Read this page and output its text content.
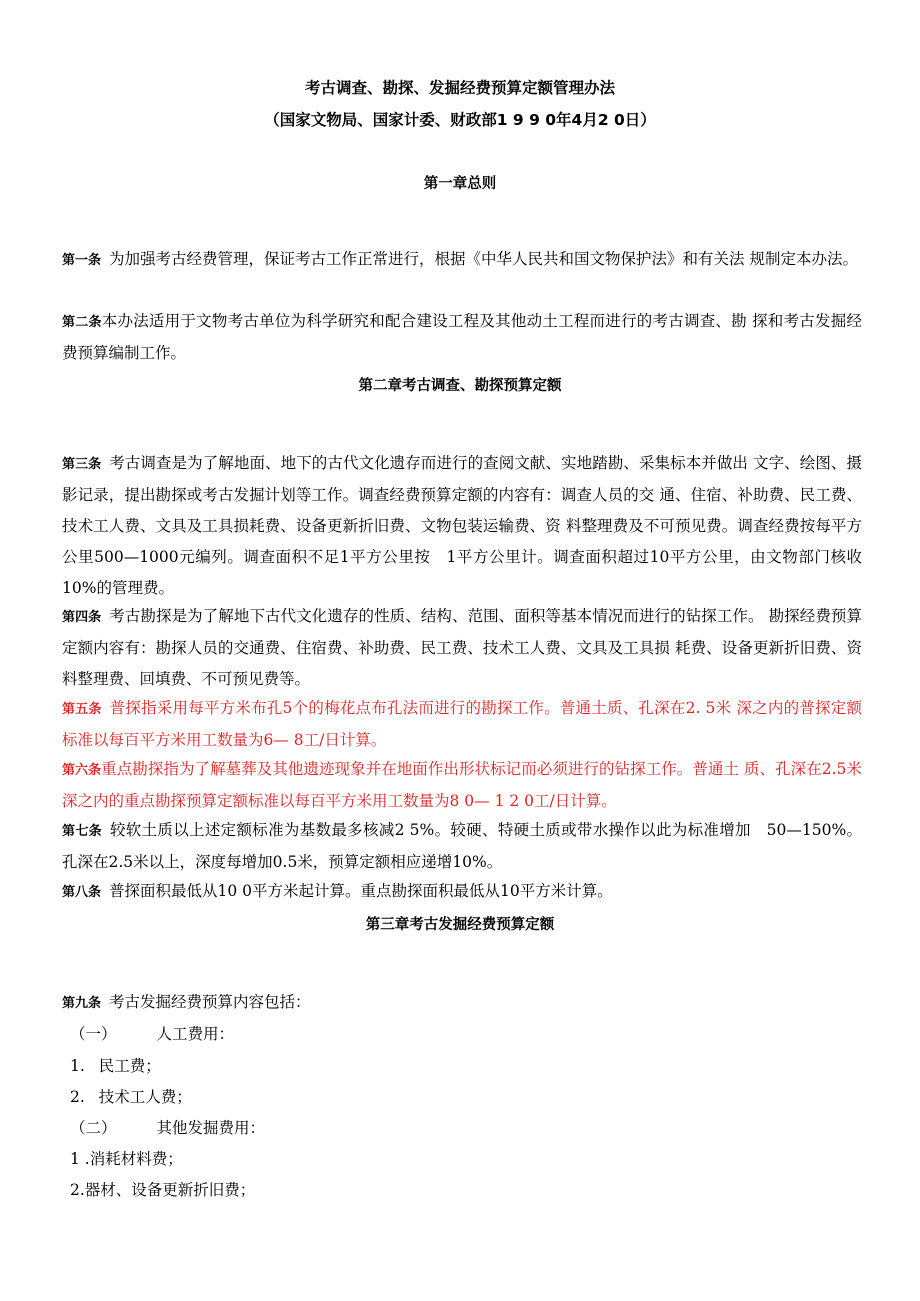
考古调查、勘探、发掘经费预算定额管理办法
（国家文物局、国家计委、财政部1 9 9 0年4月2 0日）
第一章总则
第一条 为加强考古经费管理，保证考古工作正常进行，根据《中华人民共和国文物保护法》和有关法 规制定本办法。
第二条本办法适用于文物考古单位为科学研究和配合建设工程及其他动土工程而进行的考古调查、勘 探和考古发掘经费预算编制工作。
第二章考古调查、勘探预算定额
第三条 考古调查是为了解地面、地下的古代文化遗存而进行的查阅文献、实地踏勘、采集标本并做出 文字、绘图、摄影记录，提出勘探或考古发掘计划等工作。调查经费预算定额的内容有：调查人员的交 通、住宿、补助费、民工费、技术工人费、文具及工具损耗费、设备更新折旧费、文物包装运输费、资 料整理费及不可预见费。调查经费按每平方公里500—1000元编列。调查面积不足1平方公里按　1平方公里计。调查面积超过10平方公里，由文物部门核收10%的管理费。
第四条 考古勘探是为了解地下古代文化遗存的性质、结构、范围、面积等基本情况而进行的钻探工作。 勘探经费预算定额内容有：勘探人员的交通费、住宿费、补助费、民工费、技术工人费、文具及工具损 耗费、设备更新折旧费、资料整理费、回填费、不可预见费等。
第五条 普探指采用每平方米布孔5个的梅花点布孔法而进行的勘探工作。普通土质、孔深在2. 5米 深之内的普探定额标准以每百平方米用工数量为6— 8工/日计算。
第六条重点勘探指为了解墓葬及其他遗迹现象并在地面作出形状标记而必须进行的钻探工作。普通土 质、孔深在2.5米深之内的重点勘探预算定额标准以每百平方米用工数量为8 0— 1 2 0工/日计算。
第七条 较软土质以上述定额标准为基数最多核减2 5%。较硬、特硬土质或带水操作以此为标准增加　50—150%。孔深在2.5米以上，深度每增加0.5米，预算定额相应递增10%。
第八条 普探面积最低从10 0平方米起计算。重点勘探面积最低从10平方米计算。
第三章考古发掘经费预算定额
第九条 考古发掘经费预算内容包括：
（一）	人工费用：
1. 民工费；
2. 技术工人费；
（二）	其他发掘费用：
1 .消耗材料费；
2.器材、设备更新折旧费；
